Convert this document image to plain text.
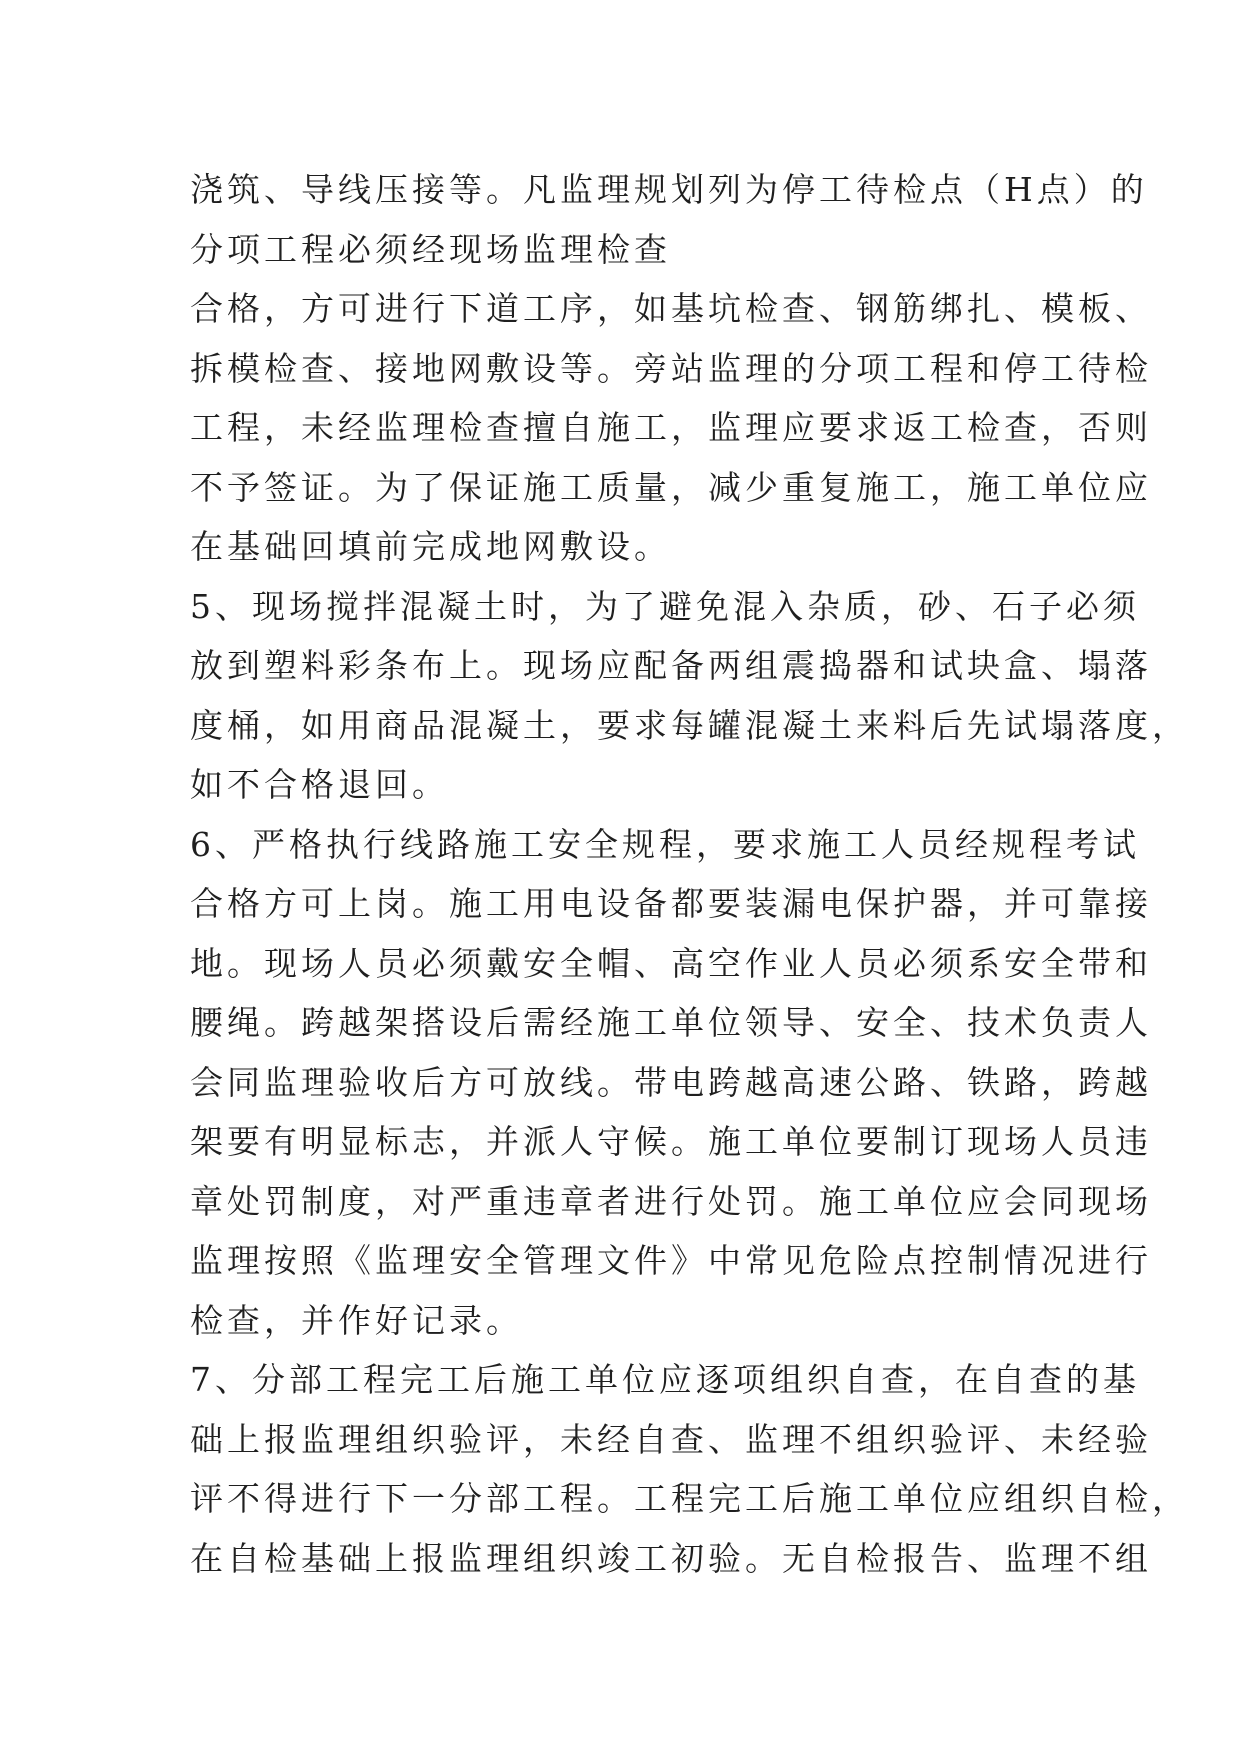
浇筑、导线压接等。凡监理规划列为停工待检点（H点）的
分项工程必须经现场监理检查
合格，方可进行下道工序，如基坑检查、钢筋绑扎、模板、
拆模检查、接地网敷设等。旁站监理的分项工程和停工待检
工程，未经监理检查擅自施工，监理应要求返工检查，否则
不予签证。为了保证施工质量，减少重复施工，施工单位应
在基础回填前完成地网敷设。
5、现场搅拌混凝土时，为了避免混入杂质，砂、石子必须
放到塑料彩条布上。现场应配备两组震捣器和试块盒、塌落
度桶，如用商品混凝土，要求每罐混凝土来料后先试塌落度，
如不合格退回。
6、严格执行线路施工安全规程，要求施工人员经规程考试
合格方可上岗。施工用电设备都要装漏电保护器，并可靠接
地。现场人员必须戴安全帽、高空作业人员必须系安全带和
腰绳。跨越架搭设后需经施工单位领导、安全、技术负责人
会同监理验收后方可放线。带电跨越高速公路、铁路，跨越
架要有明显标志，并派人守候。施工单位要制订现场人员违
章处罚制度，对严重违章者进行处罚。施工单位应会同现场
监理按照《监理安全管理文件》中常见危险点控制情况进行
检查，并作好记录。
7、分部工程完工后施工单位应逐项组织自查，在自查的基
础上报监理组织验评，未经自查、监理不组织验评、未经验
评不得进行下一分部工程。工程完工后施工单位应组织自检，
在自检基础上报监理组织竣工初验。无自检报告、监理不组
